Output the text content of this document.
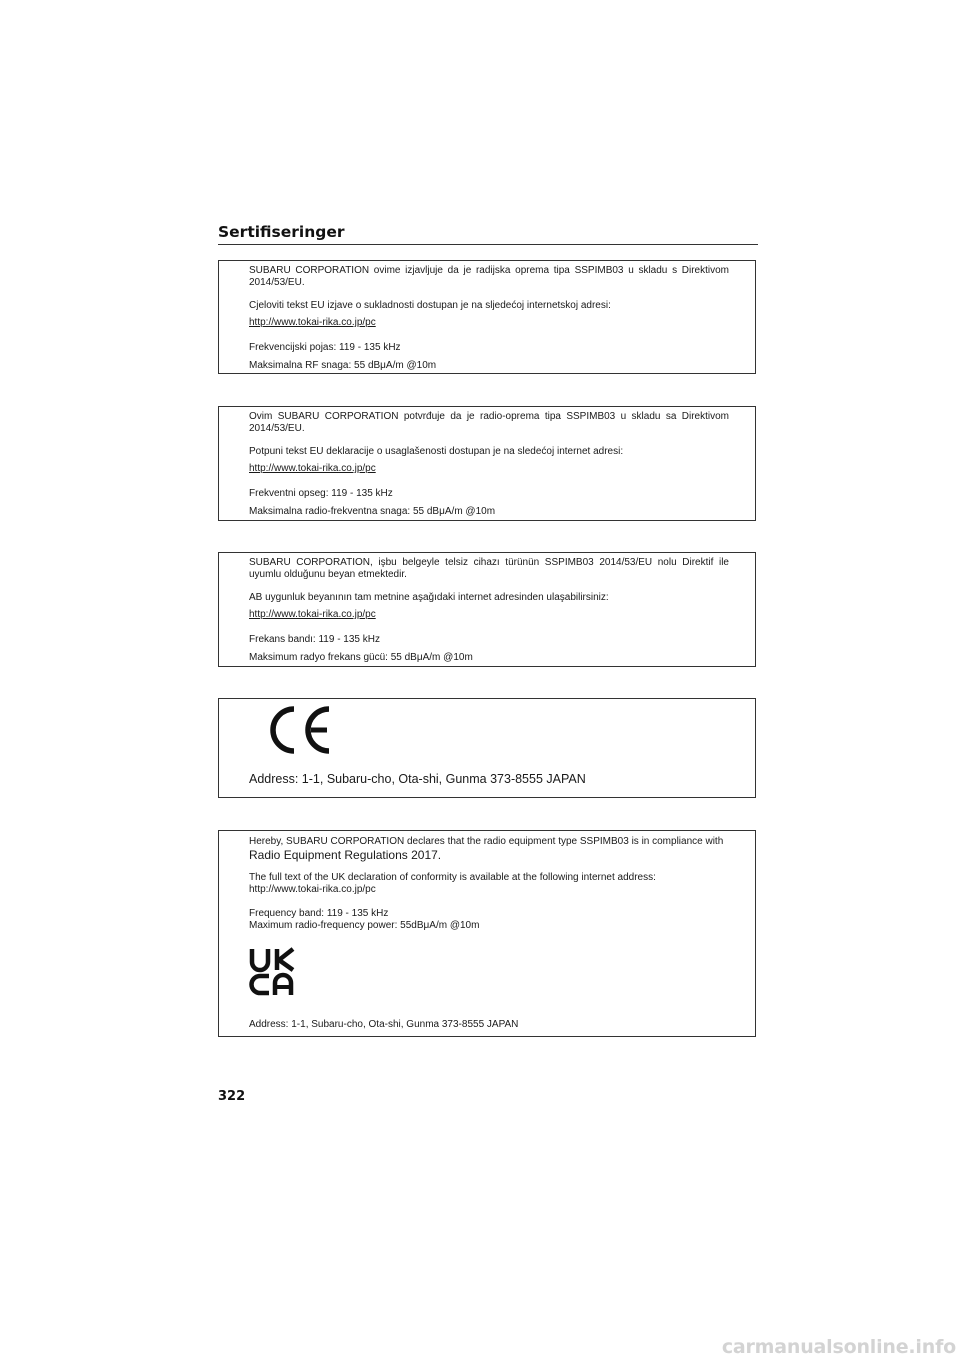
Sertifiseringer

SUBARU CORPORATION ovime izjavljuje da je radijska oprema tipa SSPIMB03 u skladu s Direktivom 2014/53/EU.

Cjeloviti tekst EU izjave o sukladnosti dostupan je na sljedećoj internetskoj adresi:

http://www.tokai-rika.co.jp/pc

Frekvencijski pojas: 119 - 135 kHz

Maksimalna RF snaga: 55 dBμA/m @10m

Ovim SUBARU CORPORATION potvrđuje da je radio-oprema tipa SSPIMB03 u skladu sa Direktivom 2014/53/EU.

Potpuni tekst EU deklaracije o usaglašenosti dostupan je na sledećoj internet adresi:

http://www.tokai-rika.co.jp/pc

Frekventni opseg: 119 - 135 kHz

Maksimalna radio-frekventna snaga: 55 dBμA/m @10m

SUBARU CORPORATION, işbu belgeyle telsiz cihazı türünün SSPIMB03 2014/53/EU nolu Direktif ile uyumlu olduğunu beyan etmektedir.

AB uygunluk beyanının tam metnine aşağıdaki internet adresinden ulaşabilirsiniz:

http://www.tokai-rika.co.jp/pc

Frekans bandı: 119 - 135 kHz

Maksimum radyo frekans gücü: 55 dBμA/m @10m

Address: 1-1, Subaru-cho, Ota-shi, Gunma 373-8555 JAPAN

Hereby, SUBARU CORPORATION declares that the radio equipment type SSPIMB03 is in compliance with

Radio Equipment Regulations 2017.

The full text of the UK declaration of conformity is available at the following internet address:

http://www.tokai-rika.co.jp/pc

Frequency band: 119 - 135 kHz

Maximum radio-frequency power: 55dBμA/m @10m

Address: 1-1, Subaru-cho, Ota-shi, Gunma 373-8555 JAPAN

322
carmanualsonline.info
